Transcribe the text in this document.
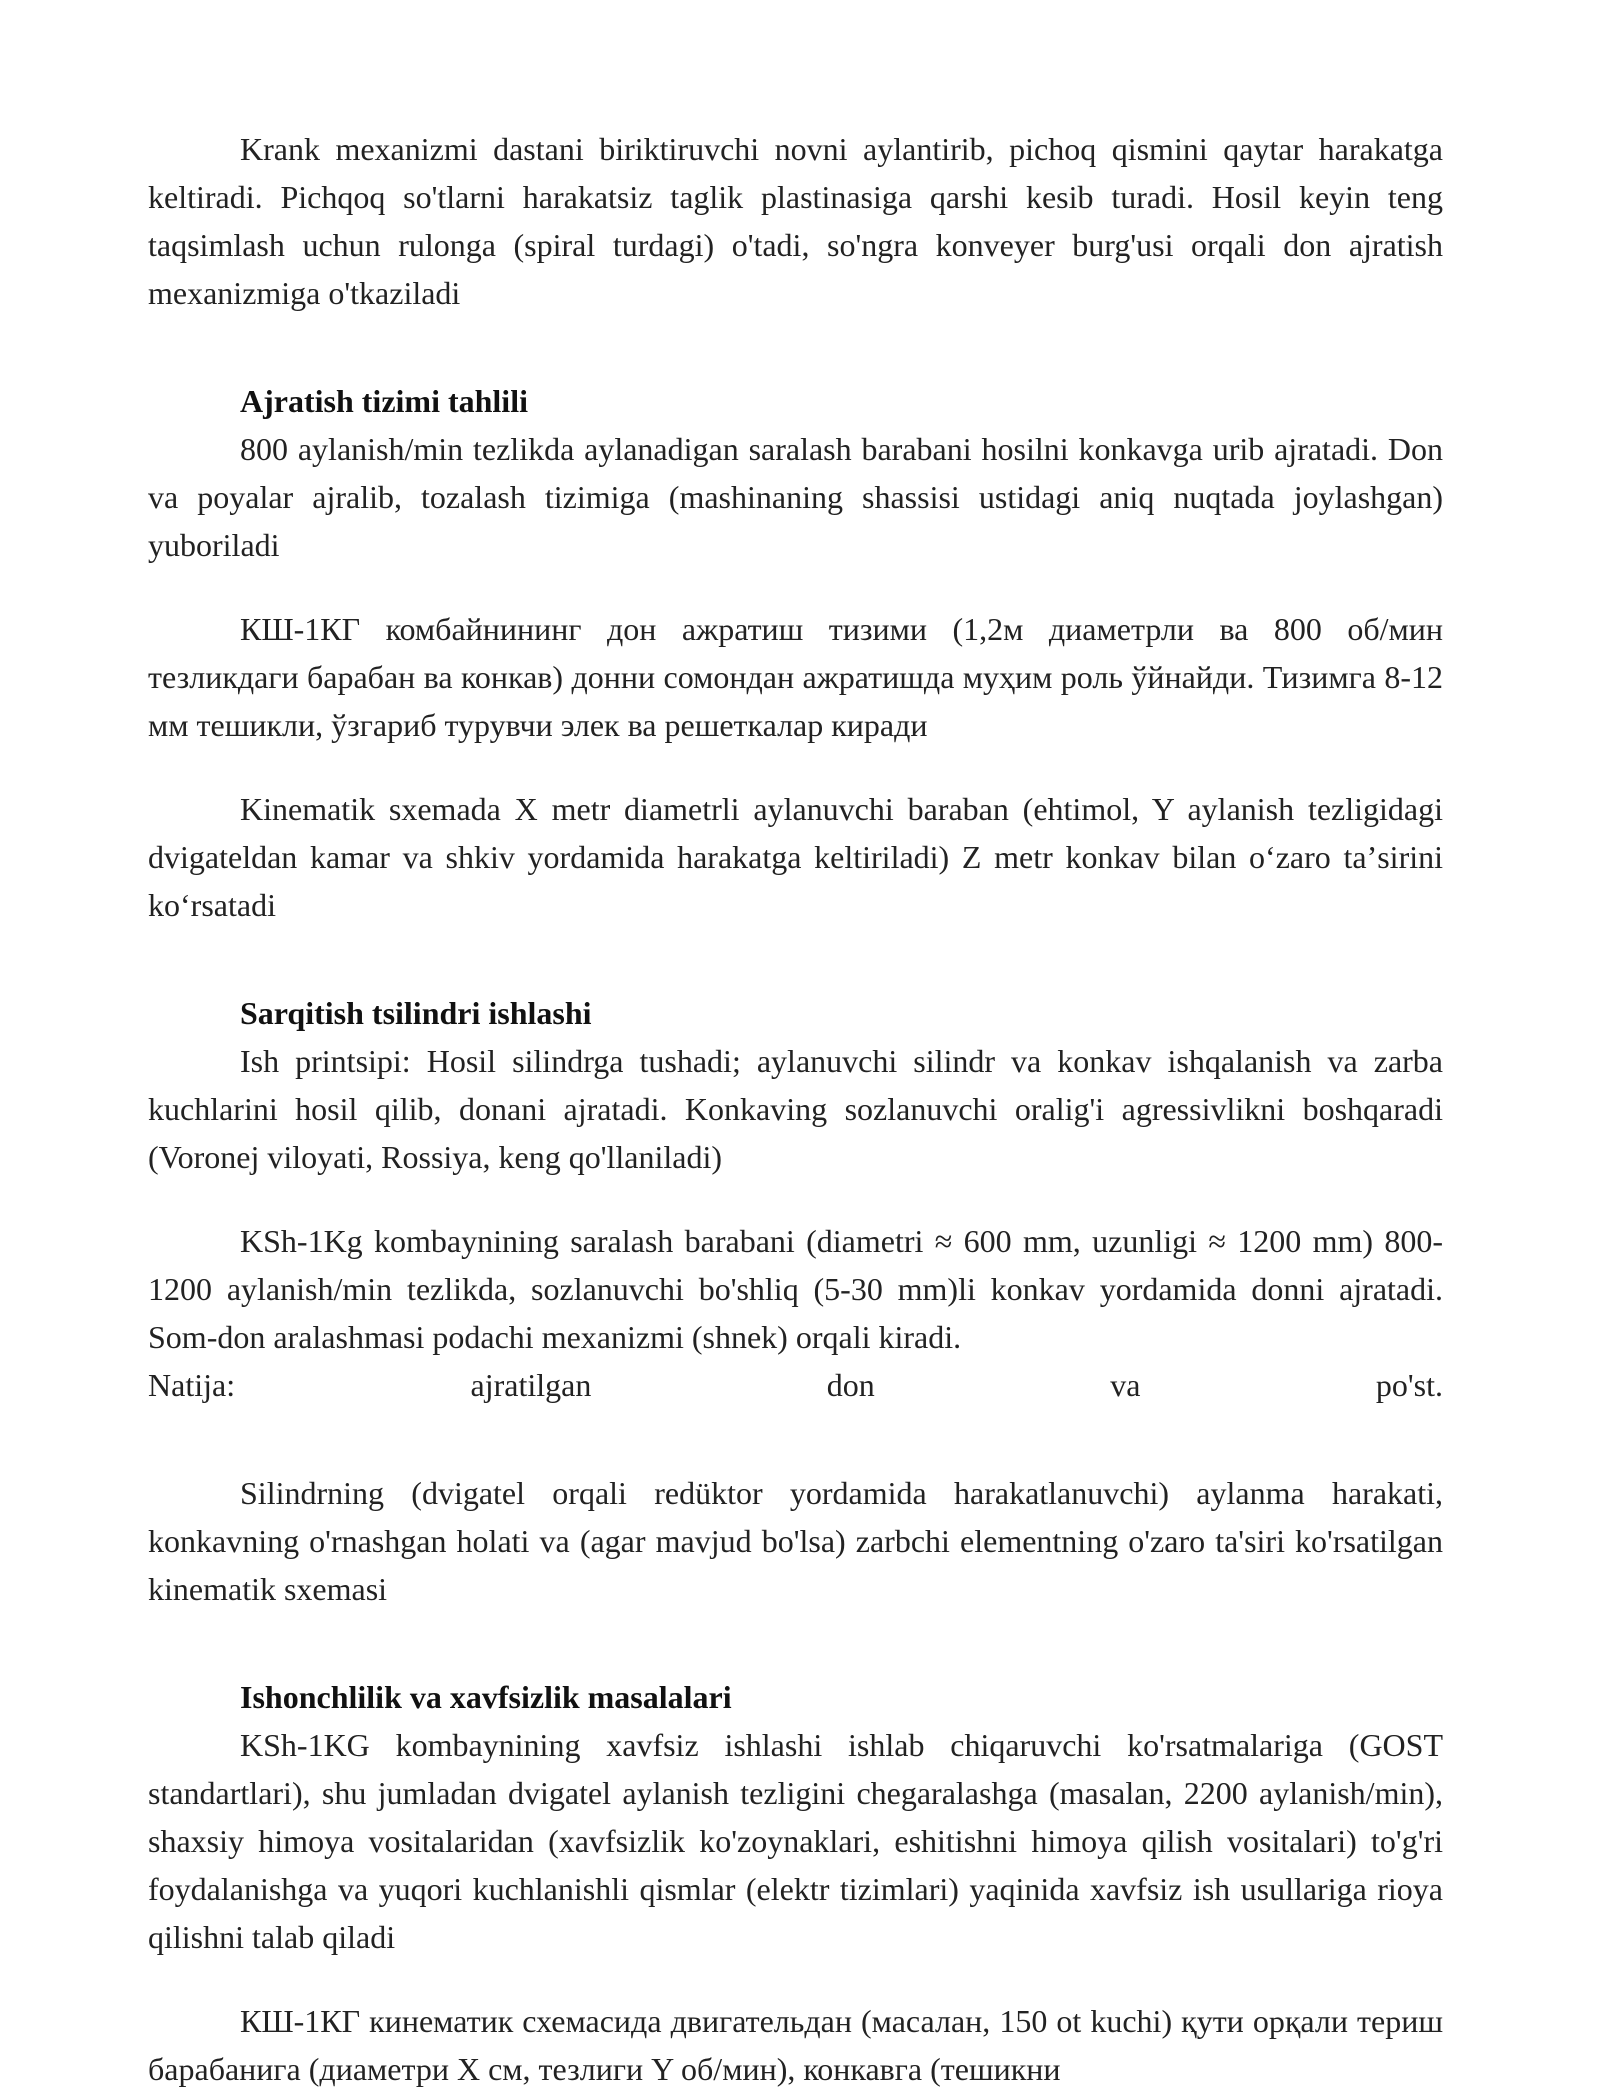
Krank mexanizmi dastani biriktiruvchi novni aylantirib, pichoq qismini qaytar harakatga keltiradi. Pichqoq so'tlarni harakatsiz taglik plastinasiga qarshi kesib turadi. Hosil keyin teng taqsimlash uchun rulonga (spiral turdagi) o'tadi, so'ngra konveyer burg'usi orqali don ajratish mexanizmiga o'tkaziladi

Ajratish tizimi tahlili

800 aylanish/min tezlikda aylanadigan saralash barabani hosilni konkavga urib ajratadi. Don va poyalar ajralib, tozalash tizimiga (mashinaning shassisi ustidagi aniq nuqtada joylashgan) yuboriladi

КШ-1КГ комбайнининг дон ажратиш тизими (1,2м диаметрли ва 800 об/мин тезликдаги барабан ва конкав) донни сомондан ажратишда муҳим роль ўйнайди. Тизимга 8-12 мм тешикли, ўзгариб турувчи элек ва решеткалар киради

Kinematik sxemada X metr diametrli aylanuvchi baraban (ehtimol, Y aylanish tezligidagi dvigateldan kamar va shkiv yordamida harakatga keltiriladi) Z metr konkav bilan oʻzaro taʼsirini koʻrsatadi

Sarqitish tsilindri ishlashi

Ish printsipi: Hosil silindrga tushadi; aylanuvchi silindr va konkav ishqalanish va zarba kuchlarini hosil qilib, donani ajratadi. Konkaving sozlanuvchi oralig'i agressivlikni boshqaradi (Voronej viloyati, Rossiya, keng qo'llaniladi)

KSh-1Kg kombaynining saralash barabani (diametri ≈ 600 mm, uzunligi ≈ 1200 mm) 800-1200 aylanish/min tezlikda, sozlanuvchi bo'shliq (5-30 mm)li konkav yordamida donni ajratadi. Som-don aralashmasi podachi mexanizmi (shnek) orqali kiradi.

Natija:	ajratilgan	don	va	po'st.

Silindrning (dvigatel orqali redüktor yordamida harakatlanuvchi) aylanma harakati, konkavning o'rnashgan holati va (agar mavjud bo'lsa) zarbchi elementning o'zaro ta'siri ko'rsatilgan kinematik sxemasi

Ishonchlilik va xavfsizlik masalalari

KSh-1KG kombaynining xavfsiz ishlashi ishlab chiqaruvchi ko'rsatmalariga (GOST standartlari), shu jumladan dvigatel aylanish tezligini chegaralashga (masalan, 2200 aylanish/min), shaxsiy himoya vositalaridan (xavfsizlik ko'zoynaklari, eshitishni himoya qilish vositalari) to'g'ri foydalanishga va yuqori kuchlanishli qismlar (elektr tizimlari) yaqinida xavfsiz ish usullariga rioya qilishni talab qiladi

КШ-1КГ кинематик схемасида двигательдан (масалан, 150 ot kuchi) қути орқали териш барабанига (диаметри X см, тезлиги Y об/мин), конкавга (тешикни
